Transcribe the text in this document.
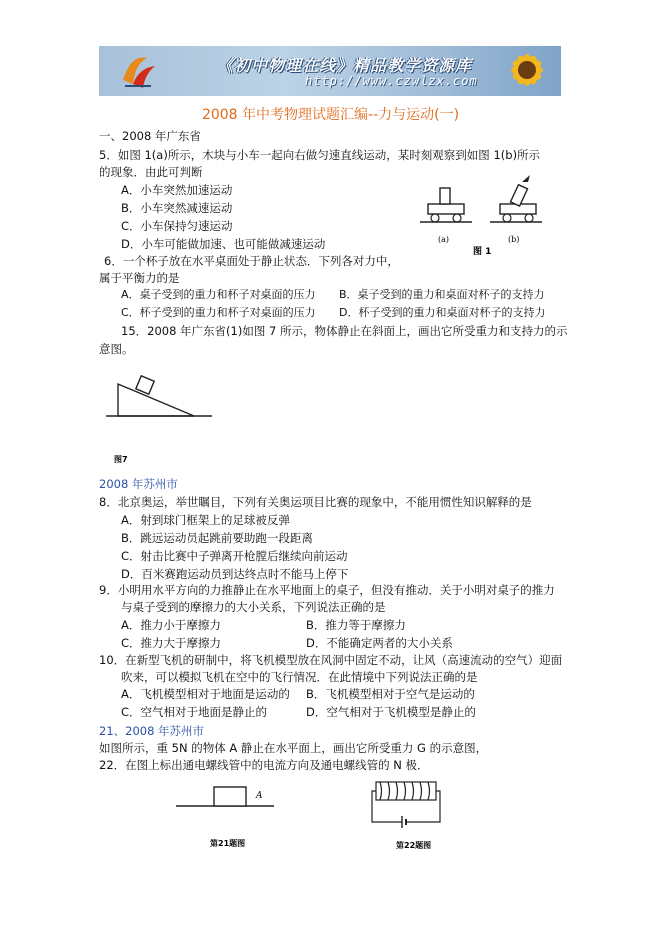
《初中物理在线》精品教学资源库
http://www.czwlzx.com
2008 年中考物理试题汇编--力与运动(一)
一、2008 年广东省
5．如图 1(a)所示，木块与小车一起向右做匀速直线运动，某时刻观察到如图 1(b)所示
的现象．由此可判断
A．小车突然加速运动
B．小车突然减速运动
C．小车保持匀速运动
D．小车可能做加速、也可能做减速运动	(a)	(b)
图 1
6．一个杯子放在水平桌面处于静止状态．下列各对力中，
属于平衡力的是
A．桌子受到的重力和杯子对桌面的压力 B．桌子受到的重力和桌面对杯子的支持力
C．杯子受到的重力和杯子对桌面的压力 D．杯子受到的重力和桌面对杯子的支持力
15．2008 年广东省(1)如图 7 所示，物体静止在斜面上，画出它所受重力和支持力的示
意图。
图7
2008 年苏州市
8．北京奥运，举世瞩目，下列有关奥运项目比赛的现象中，不能用惯性知识解释的是
A．射到球门框架上的足球被反弹
B．跳远运动员起跳前要助跑一段距离
C．射击比赛中子弹离开枪膛后继续向前运动
D．百米赛跑运动员到达终点时不能马上停下
9．小明用水平方向的力推静止在水平地面上的桌子，但没有推动．关于小明对桌子的推力
与桌子受到的摩擦力的大小关系，下列说法正确的是
A．推力小于摩擦力	B．推力等于摩擦力
C．推力大于摩擦力	D．不能确定两者的大小关系
10．在新型飞机的研制中，将飞机模型放在风洞中固定不动，让风（高速流动的空气）迎面
吹来，可以模拟飞机在空中的飞行情况．在此情境中下列说法正确的是
A．飞机模型相对于地面是运动的 B．飞机模型相对于空气是运动的
C．空气相对于地面是静止的	D．空气相对于飞机模型是静止的
21、2008 年苏州市
如图所示，重 5N 的物体 A 静止在水平面上，画出它所受重力 G 的示意图，
22．在图上标出通电螺线管中的电流方向及通电螺线管的 N 极．
A
第21题图	第22题图
